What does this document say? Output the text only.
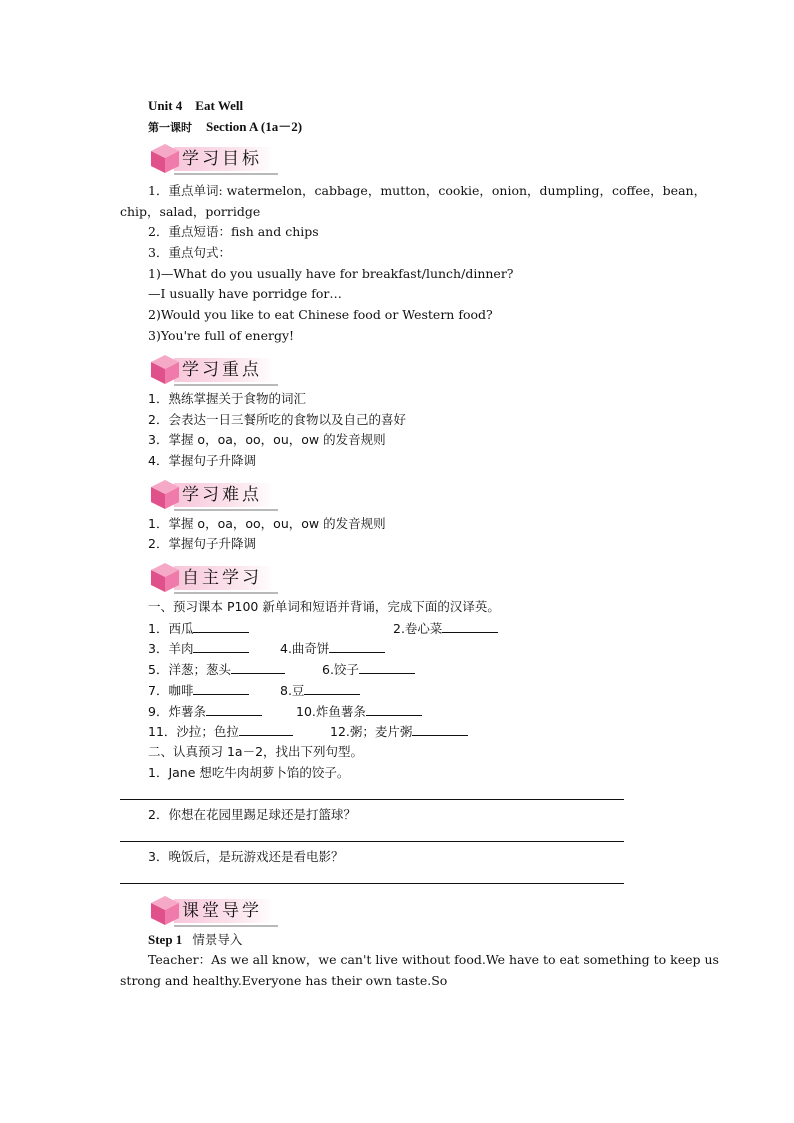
Unit 4　Eat Well
第一课时 Section A (1a－2)
学习目标
1．重点单词: watermelon，cabbage，mutton，cookie，onion，dumpling，coffee，bean，
chip，salad，porridge
2．重点短语：fish and chips
3．重点句式：
1)—What do you usually have for breakfast/lunch/dinner?
—I usually have porridge for…
2)Would you like to eat Chinese food or Western food?
3)You're full of energy!
学习重点
1．熟练掌握关于食物的词汇
2．会表达一日三餐所吃的食物以及自己的喜好
3．掌握 o，oa，oo，ou，ow 的发音规则
4．掌握句子升降调
学习难点
1．掌握 o，oa，oo，ou，ow 的发音规则
2．掌握句子升降调
自主学习
一、预习课本 P100 新单词和短语并背诵，完成下面的汉译英。
1．西瓜	2.卷心菜
3．羊肉	4.曲奇饼
5．洋葱；葱头	6.饺子
7．咖啡	8.豆
9．炸薯条	10.炸鱼薯条
11．沙拉；色拉	12.粥；麦片粥
二、认真预习 1a－2，找出下列句型。
1．Jane 想吃牛肉胡萝卜馅的饺子。
2．你想在花园里踢足球还是打篮球？
3．晚饭后，是玩游戏还是看电影？
课堂导学
Step 1 情景导入
Teacher：As we all know，we can't live without food.We have to eat something to keep us
strong and healthy.Everyone has their own taste.So
